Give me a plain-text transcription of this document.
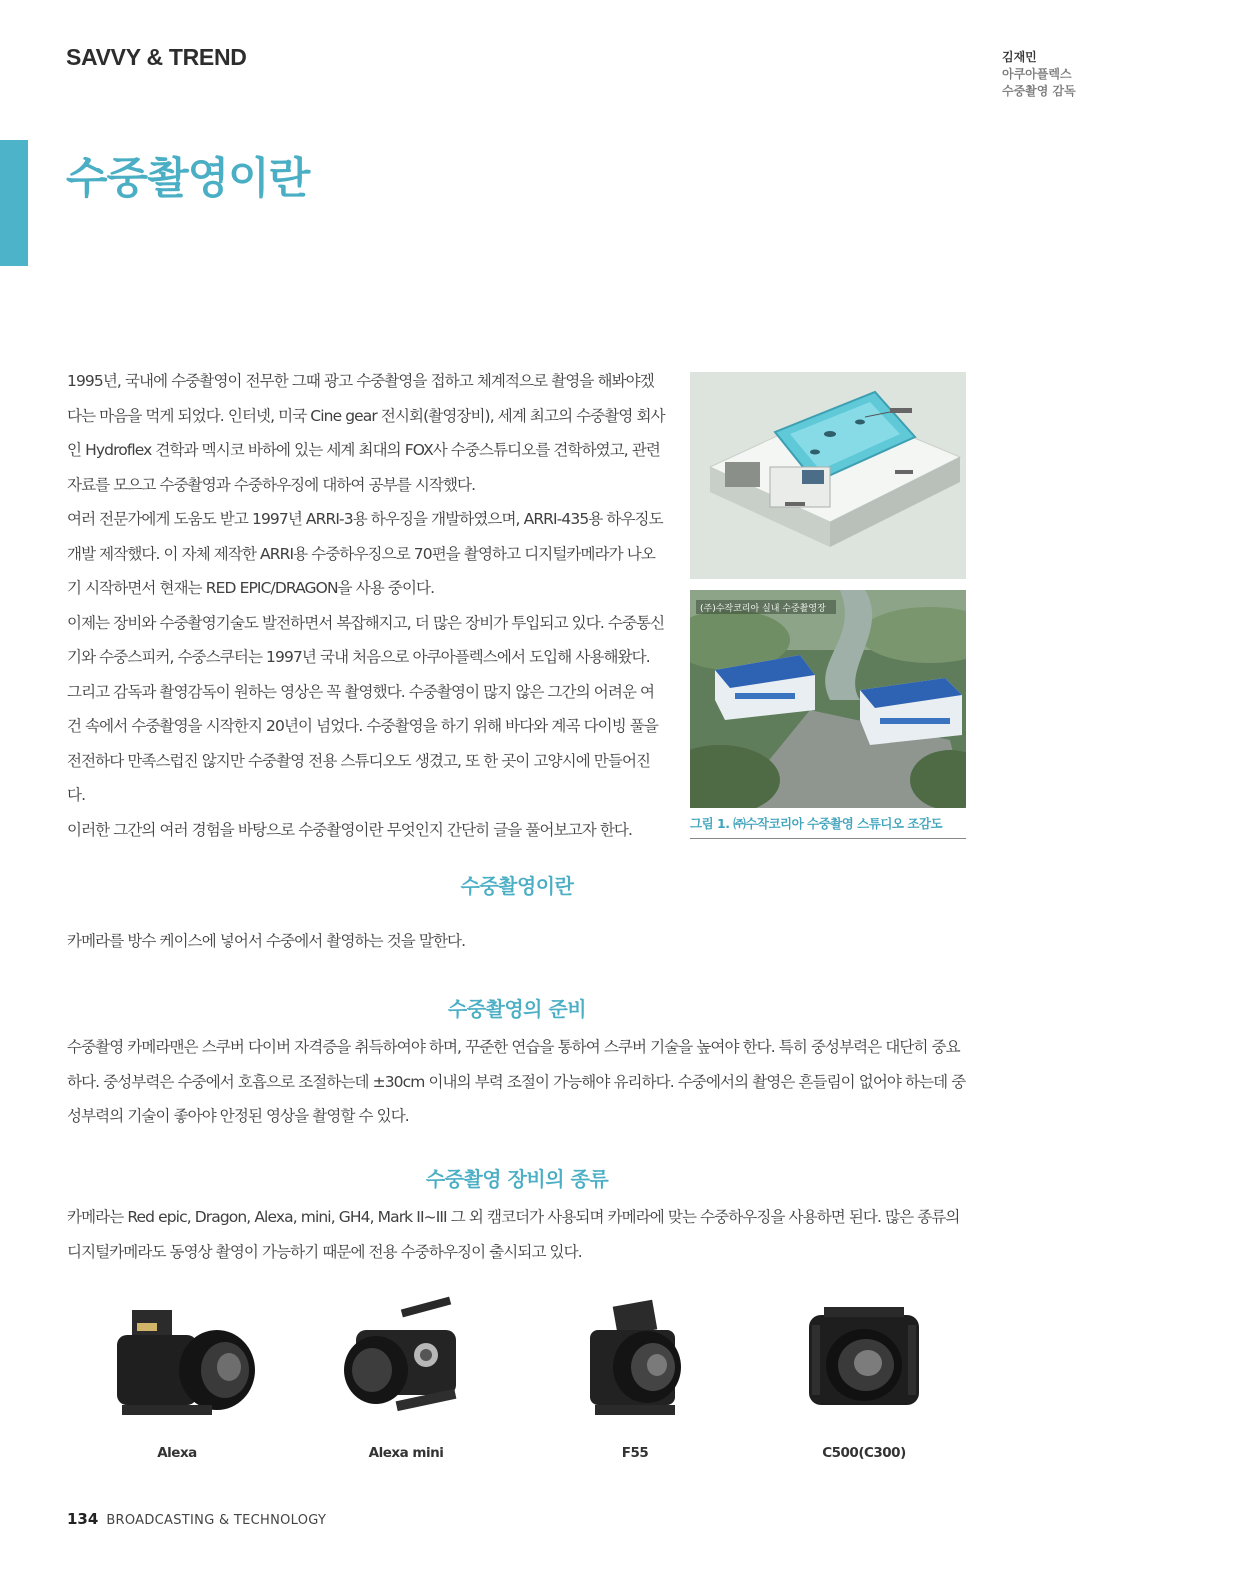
SAVVY & TREND	김재민
아쿠아플렉스
수중촬영 감독
수중촬영이란

1995년, 국내에 수중촬영이 전무한 그때 광고 수중촬영을 접하고 체계적으로 촬영을 해봐야겠다는 마음을 먹게 되었다. 인터넷, 미국 Cine gear 전시회(촬영장비), 세계 최고의 수중촬영 회사인 Hydroflex 견학과 멕시코 바하에 있는 세계 최대의 FOX사 수중스튜디오를 견학하였고, 관련 자료를 모으고 수중촬영과 수중하우징에 대하여 공부를 시작했다.

여러 전문가에게 도움도 받고 1997년 ARRI-3용 하우징을 개발하였으며, ARRI-435용 하우징도 개발 제작했다. 이 자체 제작한 ARRI용 수중하우징으로 70편을 촬영하고 디지털카메라가 나오기 시작하면서 현재는 RED EPIC/DRAGON을 사용 중이다.

이제는 장비와 수중촬영기술도 발전하면서 복잡해지고, 더 많은 장비가 투입되고 있다. 수중통신기와 수중스피커, 수중스쿠터는 1997년 국내 처음으로 아쿠아플렉스에서 도입해 사용해왔다. 그리고 감독과 촬영감독이 원하는 영상은 꼭 촬영했다. 수중촬영이 많지 않은 그간의 어려운 여건 속에서 수중촬영을 시작한지 20년이 넘었다. 수중촬영을 하기 위해 바다와 계곡 다이빙 풀을 전전하다 만족스럽진 않지만 수중촬영 전용 스튜디오도 생겼고, 또 한 곳이 고양시에 만들어진다.

이러한 그간의 여러 경험을 바탕으로 수중촬영이란 무엇인지 간단히 글을 풀어보고자 한다.

(주)수작코리아 실내 수중촬영장
그림 1. ㈜수작코리아 수중촬영 스튜디오 조감도
수중촬영이란

카메라를 방수 케이스에 넣어서 수중에서 촬영하는 것을 말한다.

수중촬영의 준비

수중촬영 카메라맨은 스쿠버 다이버 자격증을 취득하여야 하며, 꾸준한 연습을 통하여 스쿠버 기술을 높여야 한다. 특히 중성부력은 대단히 중요하다. 중성부력은 수중에서 호흡으로 조절하는데 ±30cm 이내의 부력 조절이 가능해야 유리하다. 수중에서의 촬영은 흔들림이 없어야 하는데 중성부력의 기술이 좋아야 안정된 영상을 촬영할 수 있다.

수중촬영 장비의 종류

카메라는 Red epic, Dragon, Alexa, mini, GH4, Mark II~III 그 외 캠코더가 사용되며 카메라에 맞는 수중하우징을 사용하면 된다. 많은 종류의 디지털카메라도 동영상 촬영이 가능하기 때문에 전용 수중하우징이 출시되고 있다.

Alexa	Alexa mini	F55	C500(C300)
134 BROADCASTING & TECHNOLOGY
